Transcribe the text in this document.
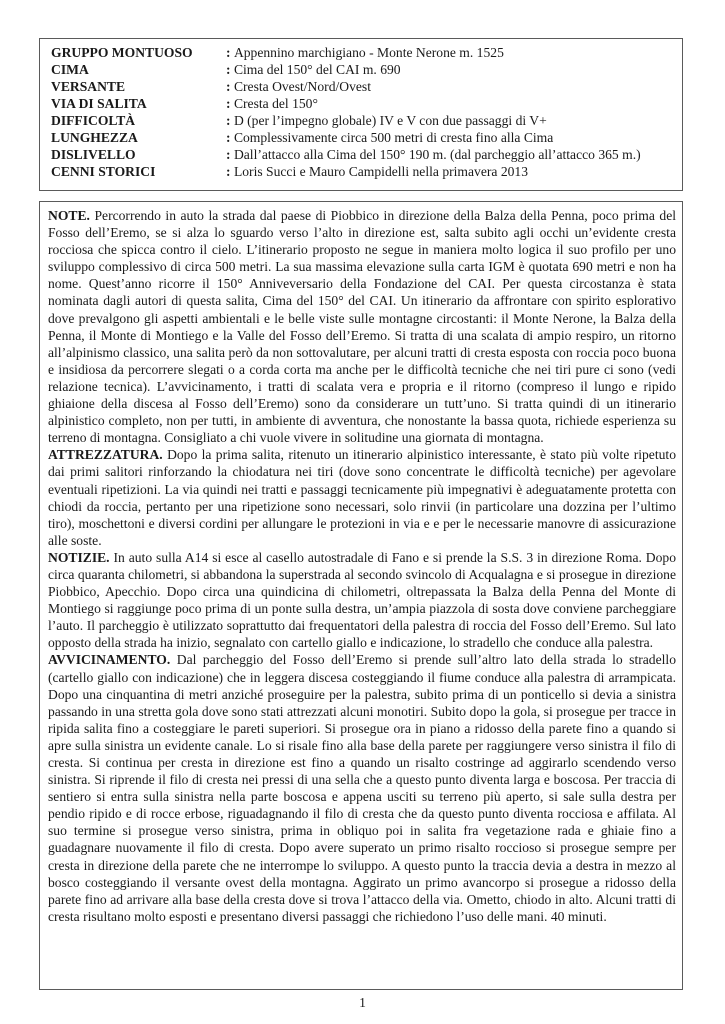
GRUPPO MONTUOSO : Appennino marchigiano - Monte Nerone m. 1525
CIMA	: Cima del 150° del CAI m. 690
VERSANTE	: Cresta Ovest/Nord/Ovest
VIA DI SALITA	: Cresta del 150°
DIFFICOLTÀ	: D (per l’impegno globale) IV e V con due passaggi di V+
LUNGHEZZA	: Complessivamente circa 500 metri di cresta fino alla Cima
DISLIVELLO	: Dall’attacco alla Cima del 150° 190 m. (dal parcheggio all’attacco 365 m.)
CENNI STORICI	: Loris Succi e Mauro Campidelli nella primavera 2013

NOTE. Percorrendo in auto la strada dal paese di Piobbico in direzione della Balza della Penna, poco prima del Fosso dell’Eremo, se si alza lo sguardo verso l’alto in direzione est, salta subito agli occhi un’evidente cresta rocciosa che spicca contro il cielo. L’itinerario proposto ne segue in maniera molto logica il suo profilo per uno sviluppo complessivo di circa 500 metri. La sua massima elevazione sulla carta IGM è quotata 690 metri e non ha nome. Quest’anno ricorre il 150° Anniveversario della Fondazione del CAI. Per questa circostanza è stata nominata dagli autori di questa salita, Cima del 150° del CAI. Un itinerario da affrontare con spirito esplorativo dove prevalgono gli aspetti ambientali e le belle viste sulle montagne circostanti: il Monte Nerone, la Balza della Penna, il Monte di Montiego e la Valle del Fosso dell’Eremo. Si tratta di una scalata di ampio respiro, un ritorno all’alpinismo classico, una salita però da non sottovalutare, per alcuni tratti di cresta esposta con roccia poco buona e insidiosa da percorrere slegati o a corda corta ma anche per le difficoltà tecniche che nei tiri pure ci sono (vedi relazione tecnica). L’avvicinamento, i tratti di scalata vera e propria e il ritorno (compreso il lungo e ripido ghiaione della discesa al Fosso dell’Eremo) sono da considerare un tutt’uno. Si tratta quindi di un itinerario alpinistico completo, non per tutti, in ambiente di avventura, che nonostante la bassa quota, richiede esperienza su terreno di montagna. Consigliato a chi vuole vivere in solitudine una giornata di montagna.

ATTREZZATURA. Dopo la prima salita, ritenuto un itinerario alpinistico interessante, è stato più volte ripetuto dai primi salitori rinforzando la chiodatura nei tiri (dove sono concentrate le difficoltà tecniche) per agevolare eventuali ripetizioni. La via quindi nei tratti e passaggi tecnicamente più impegnativi è adeguatamente protetta con chiodi da roccia, pertanto per una ripetizione sono necessari, solo rinvii (in particolare una dozzina per l’ultimo tiro), moschettoni e diversi cordini per allungare le protezioni in via e e per le necessarie manovre di assicurazione alle soste.

NOTIZIE. In auto sulla A14 si esce al casello autostradale di Fano e si prende la S.S. 3 in direzione Roma. Dopo circa quaranta chilometri, si abbandona la superstrada al secondo svincolo di Acqualagna e si prosegue in direzione Piobbico, Apecchio. Dopo circa una quindicina di chilometri, oltrepassata la Balza della Penna del Monte di Montiego si raggiunge poco prima di un ponte sulla destra, un’ampia piazzola di sosta dove conviene parcheggiare l’auto. Il parcheggio è utilizzato soprattutto dai frequentatori della palestra di roccia del Fosso dell’Eremo. Sul lato opposto della strada ha inizio, segnalato con cartello giallo e indicazione, lo stradello che conduce alla palestra.

AVVICINAMENTO. Dal parcheggio del Fosso dell’Eremo si prende sull’altro lato della strada lo stradello (cartello giallo con indicazione) che in leggera discesa costeggiando il fiume conduce alla palestra di arrampicata. Dopo una cinquantina di metri anziché proseguire per la palestra, subito prima di un ponticello si devia a sinistra passando in una stretta gola dove sono stati attrezzati alcuni monotiri. Subito dopo la gola, si prosegue per tracce in ripida salita fino a costeggiare le pareti superiori. Si prosegue ora in piano a ridosso della parete fino a quando si apre sulla sinistra un evidente canale. Lo si risale fino alla base della parete per raggiungere verso sinistra il filo di cresta. Si continua per cresta in direzione est fino a quando un risalto costringe ad aggirarlo scendendo verso sinistra. Si riprende il filo di cresta nei pressi di una sella che a questo punto diventa larga e boscosa. Per traccia di sentiero si entra sulla sinistra nella parte boscosa e appena usciti su terreno più aperto, si sale sulla destra per pendio ripido e di rocce erbose, riguadagnando il filo di cresta che da questo punto diventa rocciosa e affilata. Al suo termine si prosegue verso sinistra, prima in obliquo poi in salita fra vegetazione rada e ghiaie fino a guadagnare nuovamente il filo di cresta. Dopo avere superato un primo risalto roccioso si prosegue sempre per cresta in direzione della parete che ne interrompe lo sviluppo. A questo punto la traccia devia a destra in mezzo al bosco costeggiando il versante ovest della montagna. Aggirato un primo avancorpo si prosegue a ridosso della parete fino ad arrivare alla base della cresta dove si trova l’attacco della via. Ometto, chiodo in alto. Alcuni tratti di cresta risultano molto esposti e presentano diversi passaggi che richiedono l’uso delle mani. 40 minuti.

1
